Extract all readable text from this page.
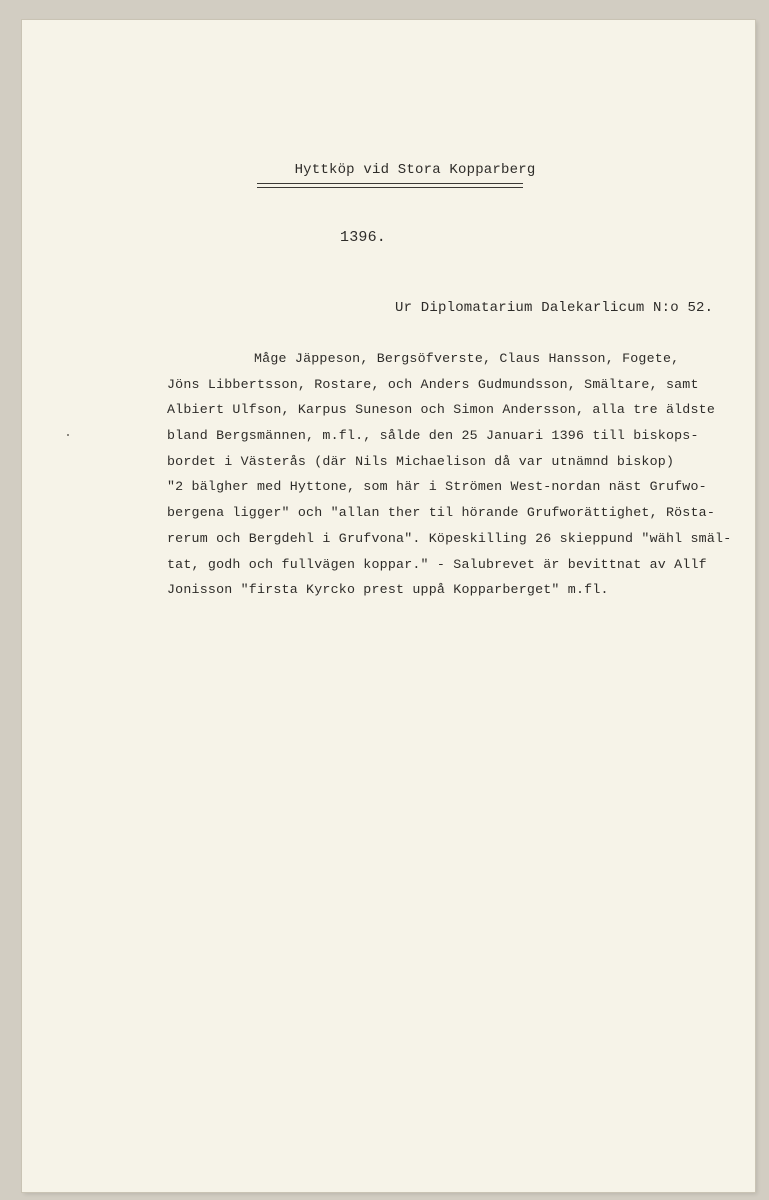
Hyttköp vid Stora Kopparberg
1396.
Ur Diplomatarium Dalekarlicum N:o 52.
Måge Jäppeson, Bergsöfverste, Claus Hansson, Fogete,
Jöns Libbertsson, Rostare, och Anders Gudmundsson, Smältare, samt
Albiert Ulfson, Karpus Suneson och Simon Andersson, alla tre äldste
bland Bergsmännen, m.fl., sålde den 25 Januari 1396 till biskops-
bordet i Västerås (där Nils Michaelison då var utnämnd biskop)
"2 bälgher med Hyttone, som här i Strömen West-nordan näst Grufwo-
bergena ligger" och "allan ther til hörande Grufworättighet, Rösta-
rerum och Bergdehl i Grufvona". Köpeskilling 26 skieppund "wähl smäl-
tat, godh och fullvägen koppar." - Salubrevet är bevittnat av Allf
Jonisson "firsta Kyrcko prest uppå Kopparberget" m.fl.
